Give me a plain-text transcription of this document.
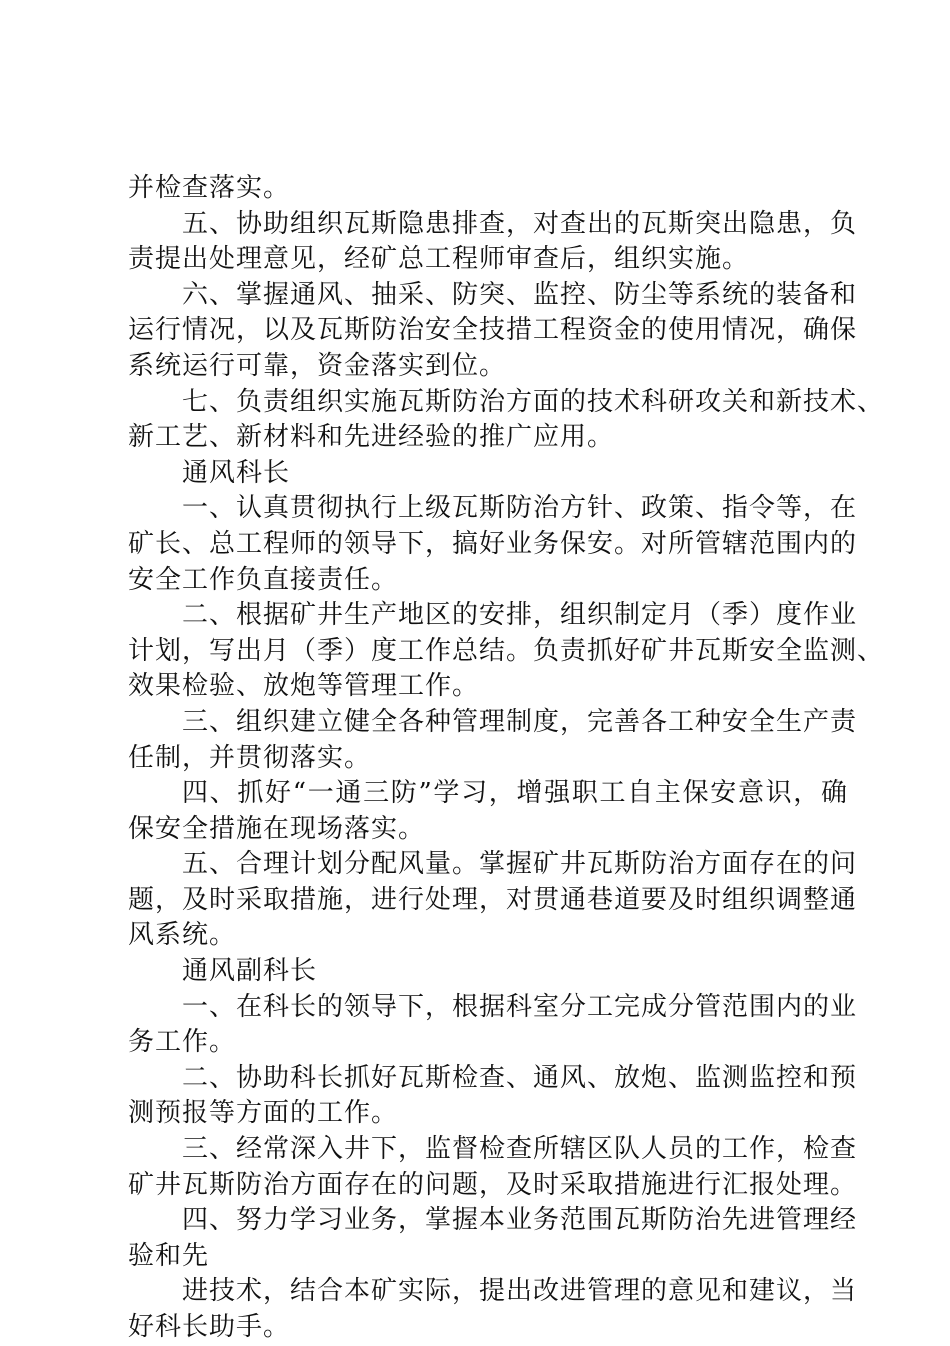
并检查落实。
五、协助组织瓦斯隐患排查，对查出的瓦斯突出隐患，负
责提出处理意见，经矿总工程师审查后，组织实施。
六、掌握通风、抽采、防突、监控、防尘等系统的装备和
运行情况，以及瓦斯防治安全技措工程资金的使用情况，确保
系统运行可靠，资金落实到位。
七、负责组织实施瓦斯防治方面的技术科研攻关和新技术、
新工艺、新材料和先进经验的推广应用。
通风科长
一、认真贯彻执行上级瓦斯防治方针、政策、指令等，在
矿长、总工程师的领导下，搞好业务保安。对所管辖范围内的
安全工作负直接责任。
二、根据矿井生产地区的安排，组织制定月（季）度作业
计划，写出月（季）度工作总结。负责抓好矿井瓦斯安全监测、
效果检验、放炮等管理工作。
三、组织建立健全各种管理制度，完善各工种安全生产责
任制，并贯彻落实。
四、抓好“一通三防”学习，增强职工自主保安意识，确
保安全措施在现场落实。
五、合理计划分配风量。掌握矿井瓦斯防治方面存在的问
题，及时采取措施，进行处理，对贯通巷道要及时组织调整通
风系统。
通风副科长
一、在科长的领导下，根据科室分工完成分管范围内的业
务工作。
二、协助科长抓好瓦斯检查、通风、放炮、监测监控和预
测预报等方面的工作。
三、经常深入井下，监督检查所辖区队人员的工作，检查
矿井瓦斯防治方面存在的问题，及时采取措施进行汇报处理。
四、努力学习业务，掌握本业务范围瓦斯防治先进管理经
验和先
进技术，结合本矿实际，提出改进管理的意见和建议，当
好科长助手。
